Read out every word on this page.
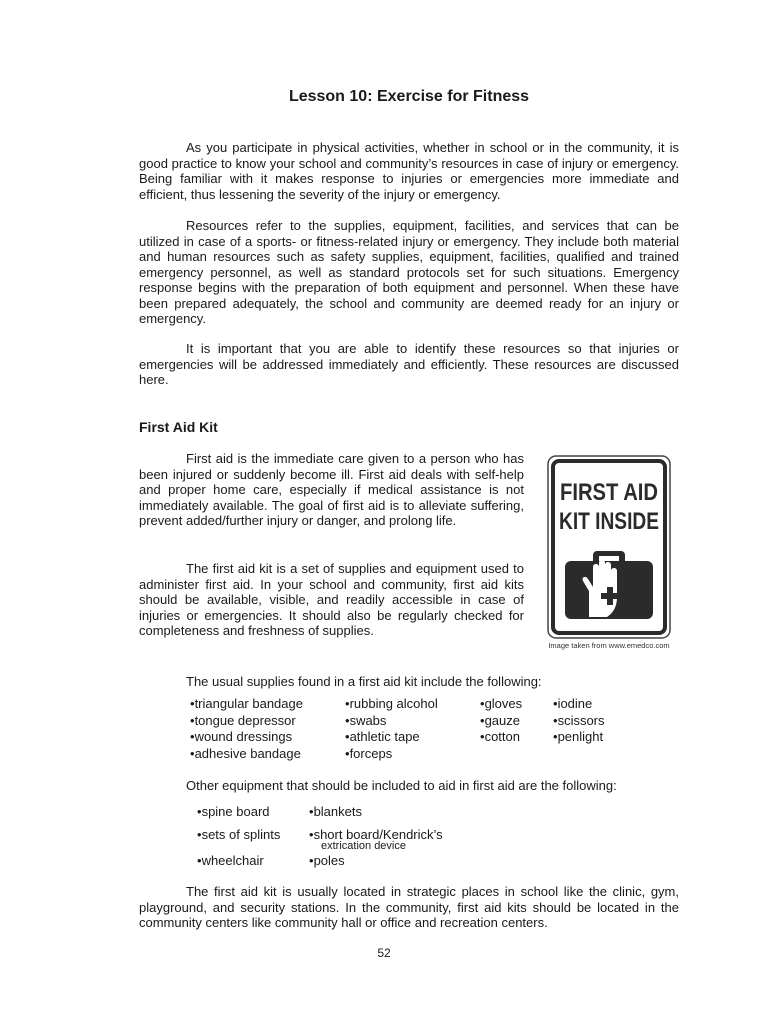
Lesson 10: Exercise for Fitness

As you participate in physical activities, whether in school or in the community, it is good practice to know your school and community’s resources in case of injury or emergency. Being familiar with it makes response to injuries or emergencies more immediate and efficient, thus lessening the severity of the injury or emergency.

Resources refer to the supplies, equipment, facilities, and services that can be utilized in case of a sports- or fitness-related injury or emergency. They include both material and human resources such as safety supplies, equipment, facilities, qualified and trained emergency personnel, as well as standard protocols set for such situations. Emergency response begins with the preparation of both equipment and personnel. When these have been prepared adequately, the school and community are deemed ready for an injury or emergency.

It is important that you are able to identify these resources so that injuries or emergencies will be addressed immediately and efficiently. These resources are discussed here.

First Aid Kit

First aid is the immediate care given to a person who has been injured or suddenly become ill. First aid deals with self-help and proper home care, especially if medical assistance is not immediately available. The goal of first aid is to alleviate suffering, prevent added/further injury or danger, and prolong life.

The first aid kit is a set of supplies and equipment used to administer first aid. In your school and community, first aid kits should be available, visible, and readily accessible in case of injuries or emergencies. It should also be regularly checked for completeness and freshness of supplies.

FIRST AID
KIT INSIDE
Image taken from www.emedco.com
The usual supplies found in a first aid kit include the following:
• triangular bandage
• tongue depressor
• wound dressings
• adhesive bandage
• rubbing alcohol
• swabs
• athletic tape
• forceps
• gloves
• gauze
• cotton
• iodine
• scissors
• penlight
Other equipment that should be included to aid in first aid are the following:
• spine board
• sets of splints
• wheelchair
• blankets
• short board/Kendrick’s
extrication device
• poles

The first aid kit is usually located in strategic places in school like the clinic, gym, playground, and security stations. In the community, first aid kits should be located in the community centers like community hall or office and recreation centers.

52
